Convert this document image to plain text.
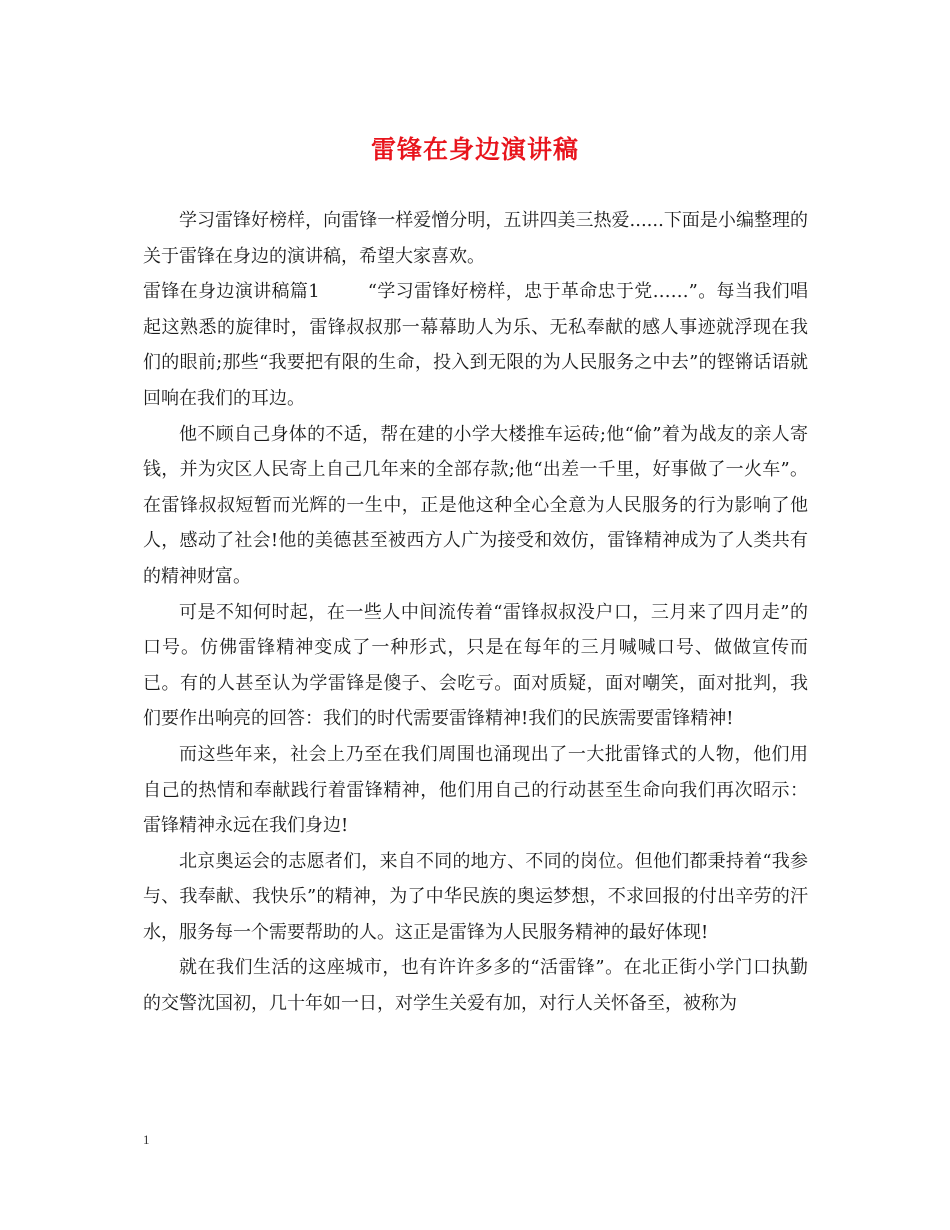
雷锋在身边演讲稿

学习雷锋好榜样，向雷锋一样爱憎分明，五讲四美三热爱......下面是小编整理的关于雷锋在身边的演讲稿，希望大家喜欢。

雷锋在身边演讲稿篇1	“学习雷锋好榜样，忠于革命忠于党……”。每当我们唱起这熟悉的旋律时，雷锋叔叔那一幕幕助人为乐、无私奉献的感人事迹就浮现在我们的眼前;那些“我要把有限的生命，投入到无限的为人民服务之中去”的铿锵话语就回响在我们的耳边。

他不顾自己身体的不适，帮在建的小学大楼推车运砖;他“偷”着为战友的亲人寄钱，并为灾区人民寄上自己几年来的全部存款;他“出差一千里，好事做了一火车”。在雷锋叔叔短暂而光辉的一生中，正是他这种全心全意为人民服务的行为影响了他人，感动了社会!他的美德甚至被西方人广为接受和效仿，雷锋精神成为了人类共有的精神财富。

可是不知何时起，在一些人中间流传着“雷锋叔叔没户口，三月来了四月走”的口号。仿佛雷锋精神变成了一种形式，只是在每年的三月喊喊口号、做做宣传而已。有的人甚至认为学雷锋是傻子、会吃亏。面对质疑，面对嘲笑，面对批判，我们要作出响亮的回答：我们的时代需要雷锋精神!我们的民族需要雷锋精神!

而这些年来，社会上乃至在我们周围也涌现出了一大批雷锋式的人物，他们用自己的热情和奉献践行着雷锋精神，他们用自己的行动甚至生命向我们再次昭示：雷锋精神永远在我们身边!

北京奥运会的志愿者们，来自不同的地方、不同的岗位。但他们都秉持着“我参与、我奉献、我快乐”的精神，为了中华民族的奥运梦想，不求回报的付出辛劳的汗水，服务每一个需要帮助的人。这正是雷锋为人民服务精神的最好体现!

就在我们生活的这座城市，也有许许多多的“活雷锋”。在北正街小学门口执勤的交警沈国初，几十年如一日，对学生关爱有加，对行人关怀备至，被称为

1
